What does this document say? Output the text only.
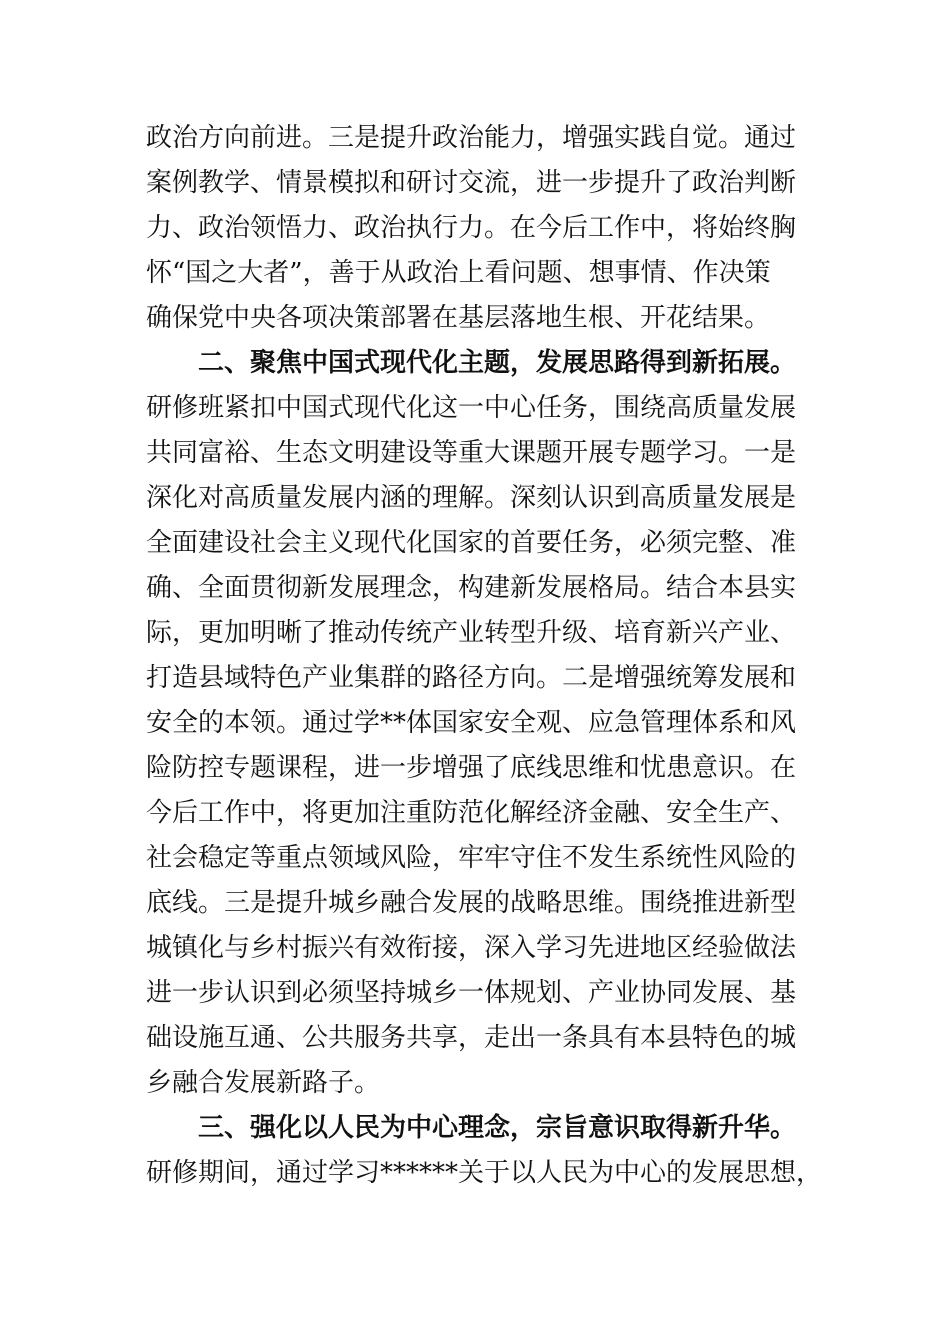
政治方向前进。三是提升政治能力，增强实践自觉。通过
案例教学、情景模拟和研讨交流，进一步提升了政治判断
力、政治领悟力、政治执行力。在今后工作中，将始终胸
怀“国之大者”，善于从政治上看问题、想事情、作决策
确保党中央各项决策部署在基层落地生根、开花结果。
二、聚焦中国式现代化主题，发展思路得到新拓展。
研修班紧扣中国式现代化这一中心任务，围绕高质量发展
共同富裕、生态文明建设等重大课题开展专题学习。一是
深化对高质量发展内涵的理解。深刻认识到高质量发展是
全面建设社会主义现代化国家的首要任务，必须完整、准
确、全面贯彻新发展理念，构建新发展格局。结合本县实
际，更加明晰了推动传统产业转型升级、培育新兴产业、
打造县域特色产业集群的路径方向。二是增强统筹发展和
安全的本领。通过学**体国家安全观、应急管理体系和风
险防控专题课程，进一步增强了底线思维和忧患意识。在
今后工作中，将更加注重防范化解经济金融、安全生产、
社会稳定等重点领域风险，牢牢守住不发生系统性风险的
底线。三是提升城乡融合发展的战略思维。围绕推进新型
城镇化与乡村振兴有效衔接，深入学习先进地区经验做法
进一步认识到必须坚持城乡一体规划、产业协同发展、基
础设施互通、公共服务共享，走出一条具有本县特色的城
乡融合发展新路子。
三、强化以人民为中心理念，宗旨意识取得新升华。
研修期间，通过学习******关于以人民为中心的发展思想，
